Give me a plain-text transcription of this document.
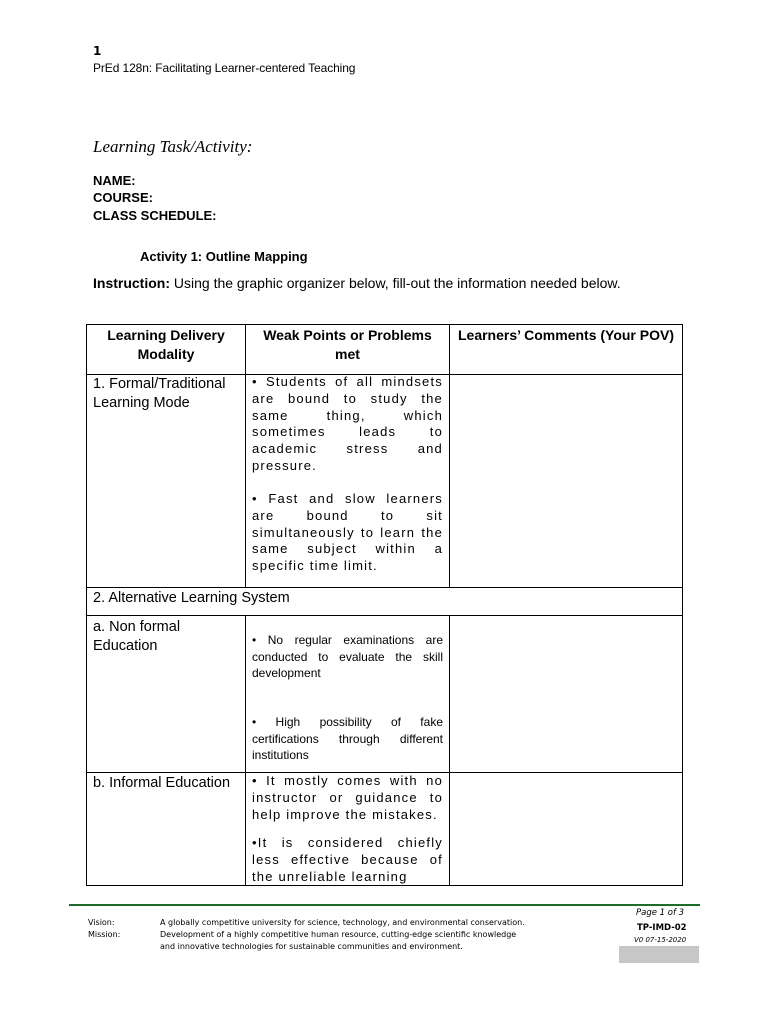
1
PrEd 128n: Facilitating Learner-centered Teaching
Learning Task/Activity:
NAME:
COURSE:
CLASS SCHEDULE:
Activity 1: Outline Mapping
Instruction: Using the graphic organizer below, fill-out the information needed below.
Learning Delivery Modality
Weak Points or Problems met
Learners’ Comments (Your POV)
1. Formal/Traditional Learning Mode
• Students of all mindsets are bound to study the same thing, which sometimes leads to academic stress and pressure.
• Fast and slow learners are bound to sit simultaneously to learn the same subject within a specific time limit.
2. Alternative Learning System
a. Non formal Education	• No regular examinations are conducted to evaluate the skill development
• High possibility of fake certifications through different institutions
b. Informal Education	• It mostly comes with no instructor or guidance to help improve the mistakes.
•It is considered chiefly less effective because of the unreliable learning
Vision:
Mission:
A globally competitive university for science, technology, and environmental conservation.
Development of a highly competitive human resource, cutting-edge scientific knowledge
and innovative technologies for sustainable communities and environment.
Page 1 of 3
TP-IMD-02
V0 07-15-2020
